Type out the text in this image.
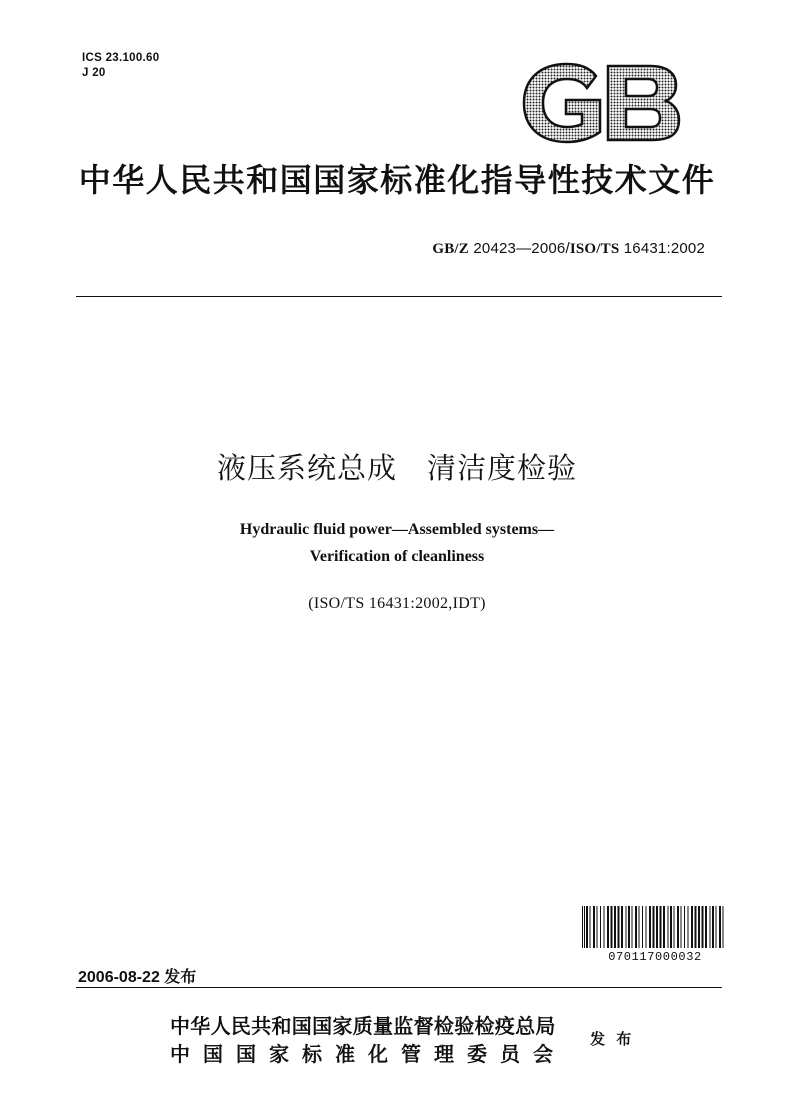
ICS 23.100.60
J 20
中华人民共和国国家标准化指导性技术文件
GB/Z 20423—2006/ISO/TS 16431:2002
液压系统总成　清洁度检验
Hydraulic fluid power—Assembled systems—
Verification of cleanliness
(ISO/TS 16431:2002,IDT)
070117000032
2006-08-22 发布
中华人民共和国国家质量监督检验检疫总局
中国国家标准化管理委员会
发 布
